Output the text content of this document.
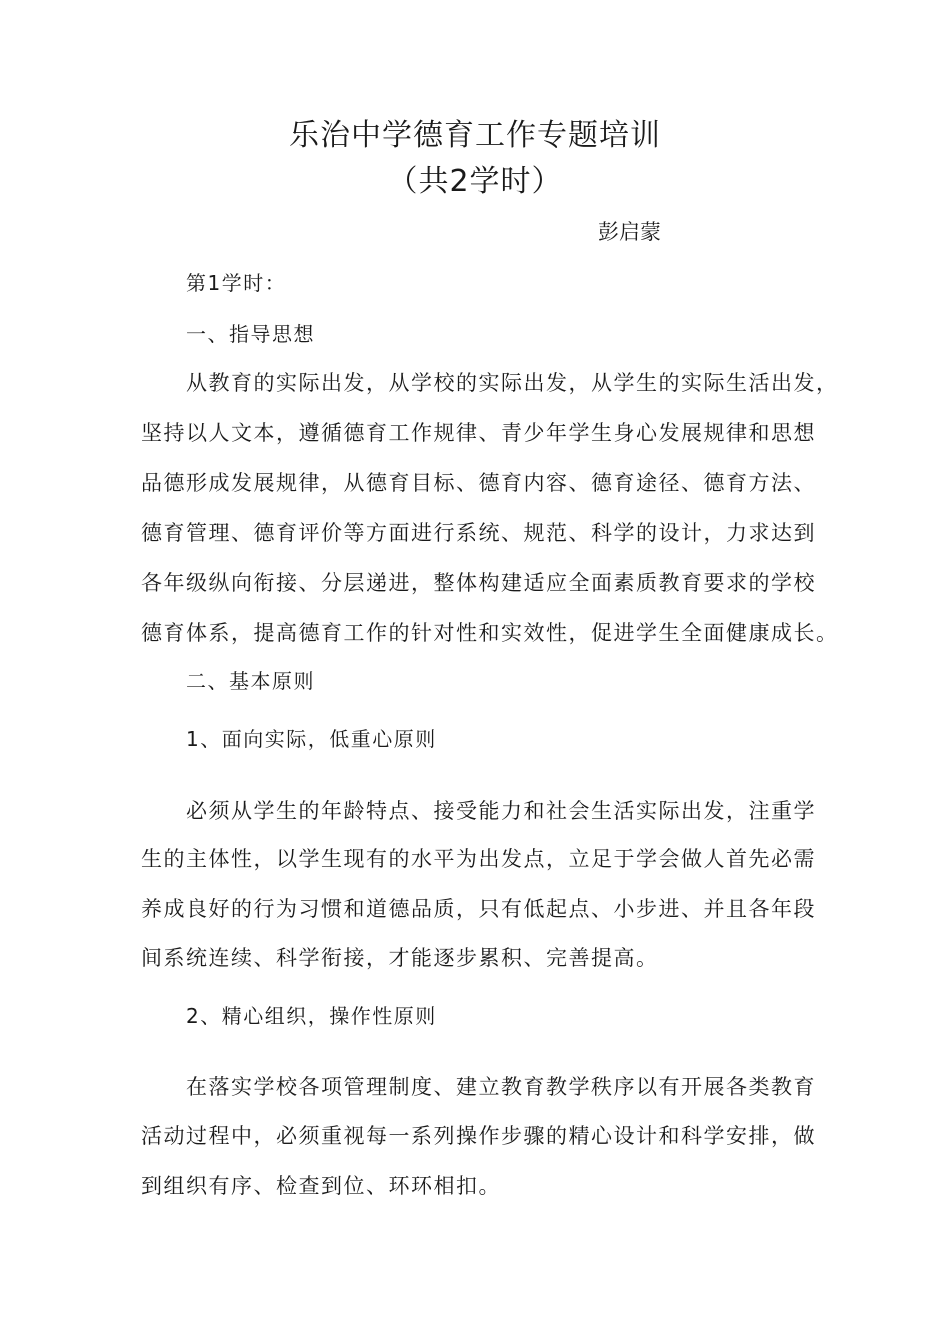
乐治中学德育工作专题培训
（共2学时）
彭启蒙
第1学时：
一、指导思想
从教育的实际出发，从学校的实际出发，从学生的实际生活出发，
坚持以人文本，遵循德育工作规律、青少年学生身心发展规律和思想
品德形成发展规律，从德育目标、德育内容、德育途径、德育方法、
德育管理、德育评价等方面进行系统、规范、科学的设计，力求达到
各年级纵向衔接、分层递进，整体构建适应全面素质教育要求的学校
德育体系，提高德育工作的针对性和实效性，促进学生全面健康成长。
二、基本原则
1、面向实际，低重心原则
必须从学生的年龄特点、接受能力和社会生活实际出发，注重学
生的主体性，以学生现有的水平为出发点，立足于学会做人首先必需
养成良好的行为习惯和道德品质，只有低起点、小步进、并且各年段
间系统连续、科学衔接，才能逐步累积、完善提高。
2、精心组织，操作性原则
在落实学校各项管理制度、建立教育教学秩序以有开展各类教育
活动过程中，必须重视每一系列操作步骤的精心设计和科学安排，做
到组织有序、检查到位、环环相扣。
